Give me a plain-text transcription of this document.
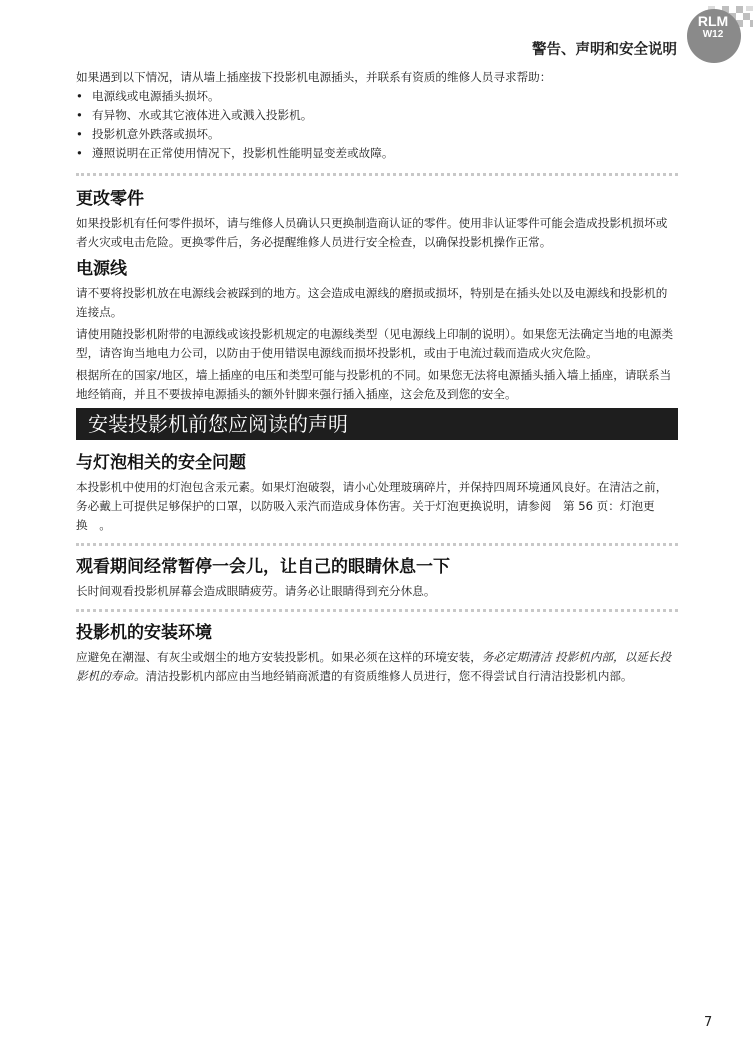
RLM
W12
警告、声明和安全说明

如果遇到以下情况，请从墙上插座拔下投影机电源插头，并联系有资质的维修人员寻求帮助：

• 电源线或电源插头损坏。
• 有异物、水或其它液体进入或溅入投影机。
• 投影机意外跌落或损坏。
• 遵照说明在正常使用情况下，投影机性能明显变差或故障。
更改零件

如果投影机有任何零件损坏，请与维修人员确认只更换制造商认证的零件。使用非认证零件可能会造成投影机损坏或者火灾或电击危险。更换零件后，务必提醒维修人员进行安全检查，以确保投影机操作正常。

电源线

请不要将投影机放在电源线会被踩到的地方。这会造成电源线的磨损或损坏，特别是在插头处以及电源线和投影机的连接点。

请使用随投影机附带的电源线或该投影机规定的电源线类型（见电源线上印制的说明）。如果您无法确定当地的电源类型，请咨询当地电力公司，以防由于使用错误电源线而损坏投影机，或由于电流过载而造成火灾危险。

根据所在的国家/地区，墙上插座的电压和类型可能与投影机的不同。如果您无法将电源插头插入墙上插座，请联系当地经销商，并且不要拔掉电源插头的额外针脚来强行插入插座，这会危及到您的安全。

安装投影机前您应阅读的声明
与灯泡相关的安全问题

本投影机中使用的灯泡包含汞元素。如果灯泡破裂，请小心处理玻璃碎片，并保持四周环境通风良好。在清洁之前，务必戴上可提供足够保护的口罩，以防吸入汞汽而造成身体伤害。关于灯泡更换说明，请参阅　第 56 页：灯泡更换　。

观看期间经常暂停一会儿，让自己的眼睛休息一下

长时间观看投影机屏幕会造成眼睛疲劳。请务必让眼睛得到充分休息。

投影机的安装环境

应避免在潮湿、有灰尘或烟尘的地方安装投影机。如果必须在这样的环境安装，务必定期清洁 投影机内部，以延长投影机的寿命。清洁投影机内部应由当地经销商派遣的有资质维修人员进行，您不得尝试自行清洁投影机内部。

7
